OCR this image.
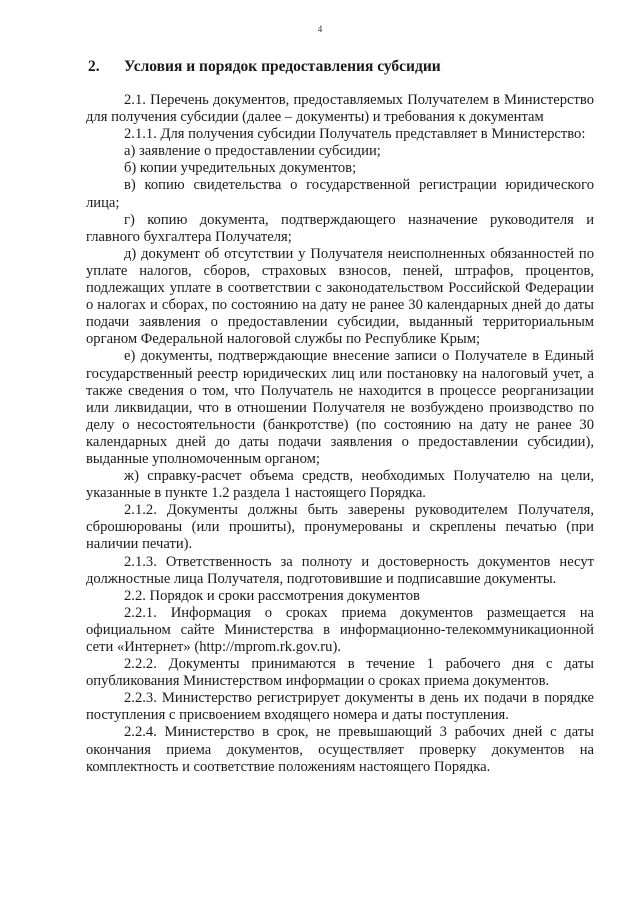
4
2. Условия и порядок предоставления субсидии

2.1. Перечень документов, предоставляемых Получателем в Министерство для получения субсидии (далее – документы) и требования к документам

2.1.1. Для получения субсидии Получатель представляет в Министерство:

а) заявление о предоставлении субсидии;

б) копии учредительных документов;

в) копию свидетельства о государственной регистрации юридического лица;

г) копию документа, подтверждающего назначение руководителя и главного бухгалтера Получателя;

д) документ об отсутствии у Получателя неисполненных обязанностей по уплате налогов, сборов, страховых взносов, пеней, штрафов, процентов, подлежащих уплате в соответствии с законодательством Российской Федерации о налогах и сборах, по состоянию на дату не ранее 30 календарных дней до даты подачи заявления о предоставлении субсидии, выданный территориальным органом Федеральной налоговой службы по Республике Крым;

е) документы, подтверждающие внесение записи о Получателе в Единый государственный реестр юридических лиц или постановку на налоговый учет, а также сведения о том, что Получатель не находится в процессе реорганизации или ликвидации, что в отношении Получателя не возбуждено производство по делу о несостоятельности (банкротстве) (по состоянию на дату не ранее 30 календарных дней до даты подачи заявления о предоставлении субсидии), выданные уполномоченным органом;

ж) справку-расчет объема средств, необходимых Получателю на цели, указанные в пункте 1.2 раздела 1 настоящего Порядка.

2.1.2. Документы должны быть заверены руководителем Получателя, сброшюрованы (или прошиты), пронумерованы и скреплены печатью (при наличии печати).

2.1.3. Ответственность за полноту и достоверность документов несут должностные лица Получателя, подготовившие и подписавшие документы.

2.2. Порядок и сроки рассмотрения документов

2.2.1. Информация о сроках приема документов размещается на официальном сайте Министерства в информационно-телекоммуникационной сети «Интернет» (http://mprom.rk.gov.ru).

2.2.2. Документы принимаются в течение 1 рабочего дня с даты опубликования Министерством информации о сроках приема документов.

2.2.3. Министерство регистрирует документы в день их подачи в порядке поступления с присвоением входящего номера и даты поступления.

2.2.4. Министерство в срок, не превышающий 3 рабочих дней с даты окончания приема документов, осуществляет проверку документов на комплектность и соответствие положениям настоящего Порядка.
